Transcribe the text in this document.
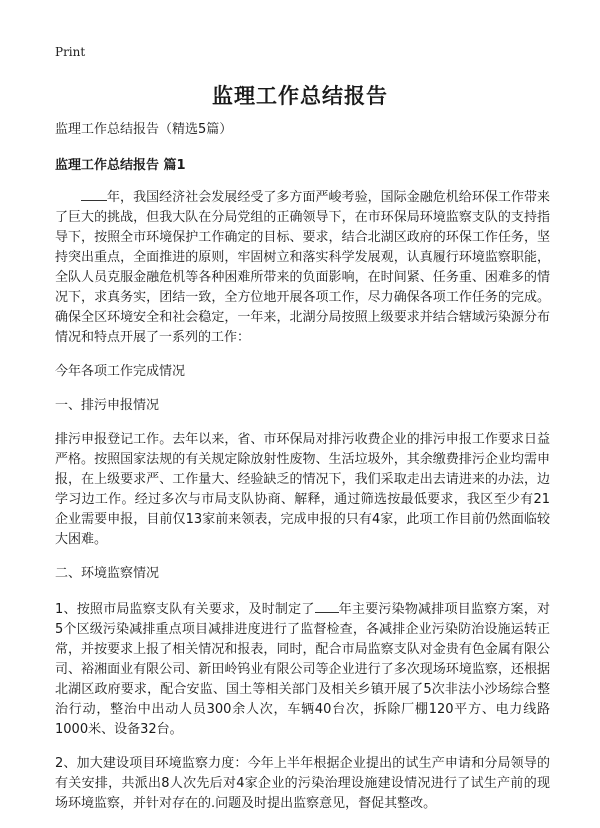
Print
监理工作总结报告

监理工作总结报告（精选5篇）

监理工作总结报告 篇1

年，我国经济社会发展经受了多方面严峻考验，国际金融危机给环保工作带来了巨大的挑战，但我大队在分局党组的正确领导下，在市环保局环境监察支队的支持指导下，按照全市环境保护工作确定的目标、要求，结合北湖区政府的环保工作任务，坚持突出重点，全面推进的原则，牢固树立和落实科学发展观，认真履行环境监察职能，全队人员克服金融危机等各种困难所带来的负面影响，在时间紧、任务重、困难多的情况下，求真务实，团结一致，全方位地开展各项工作，尽力确保各项工作任务的完成。确保全区环境安全和社会稳定，一年来，北湖分局按照上级要求并结合辖域污染源分布情况和特点开展了一系列的工作：

今年各项工作完成情况

一、排污申报情况

排污申报登记工作。去年以来，省、市环保局对排污收费企业的排污申报工作要求日益严格。按照国家法规的有关规定除放射性废物、生活垃圾外，其余缴费排污企业均需申报，在上级要求严、工作量大、经验缺乏的情况下，我们采取走出去请进来的办法，边学习边工作。经过多次与市局支队协商、解释，通过筛选按最低要求，我区至少有21企业需要申报，目前仅13家前来领表，完成申报的只有4家，此项工作目前仍然面临较大困难。

二、环境监察情况

1、按照市局监察支队有关要求，及时制定了 年主要污染物减排项目监察方案，对5个区级污染减排重点项目减排进度进行了监督检查，各减排企业污染防治设施运转正常，并按要求上报了相关情况和报表，同时，配合市局监察支队对金贵有色金属有限公司、裕湘面业有限公司、新田岭钨业有限公司等企业进行了多次现场环境监察，还根据北湖区政府要求，配合安监、国土等相关部门及相关乡镇开展了5次非法小沙场综合整治行动，整治中出动人员300余人次，车辆40台次，拆除厂棚120平方、电力线路1000米、设备32台。

2、加大建设项目环境监察力度：今年上半年根据企业提出的试生产申请和分局领导的有关安排，共派出8人次先后对4家企业的污染治理设施建设情况进行了试生产前的现场环境监察，并针对存在的.问题及时提出监察意见，督促其整改。
